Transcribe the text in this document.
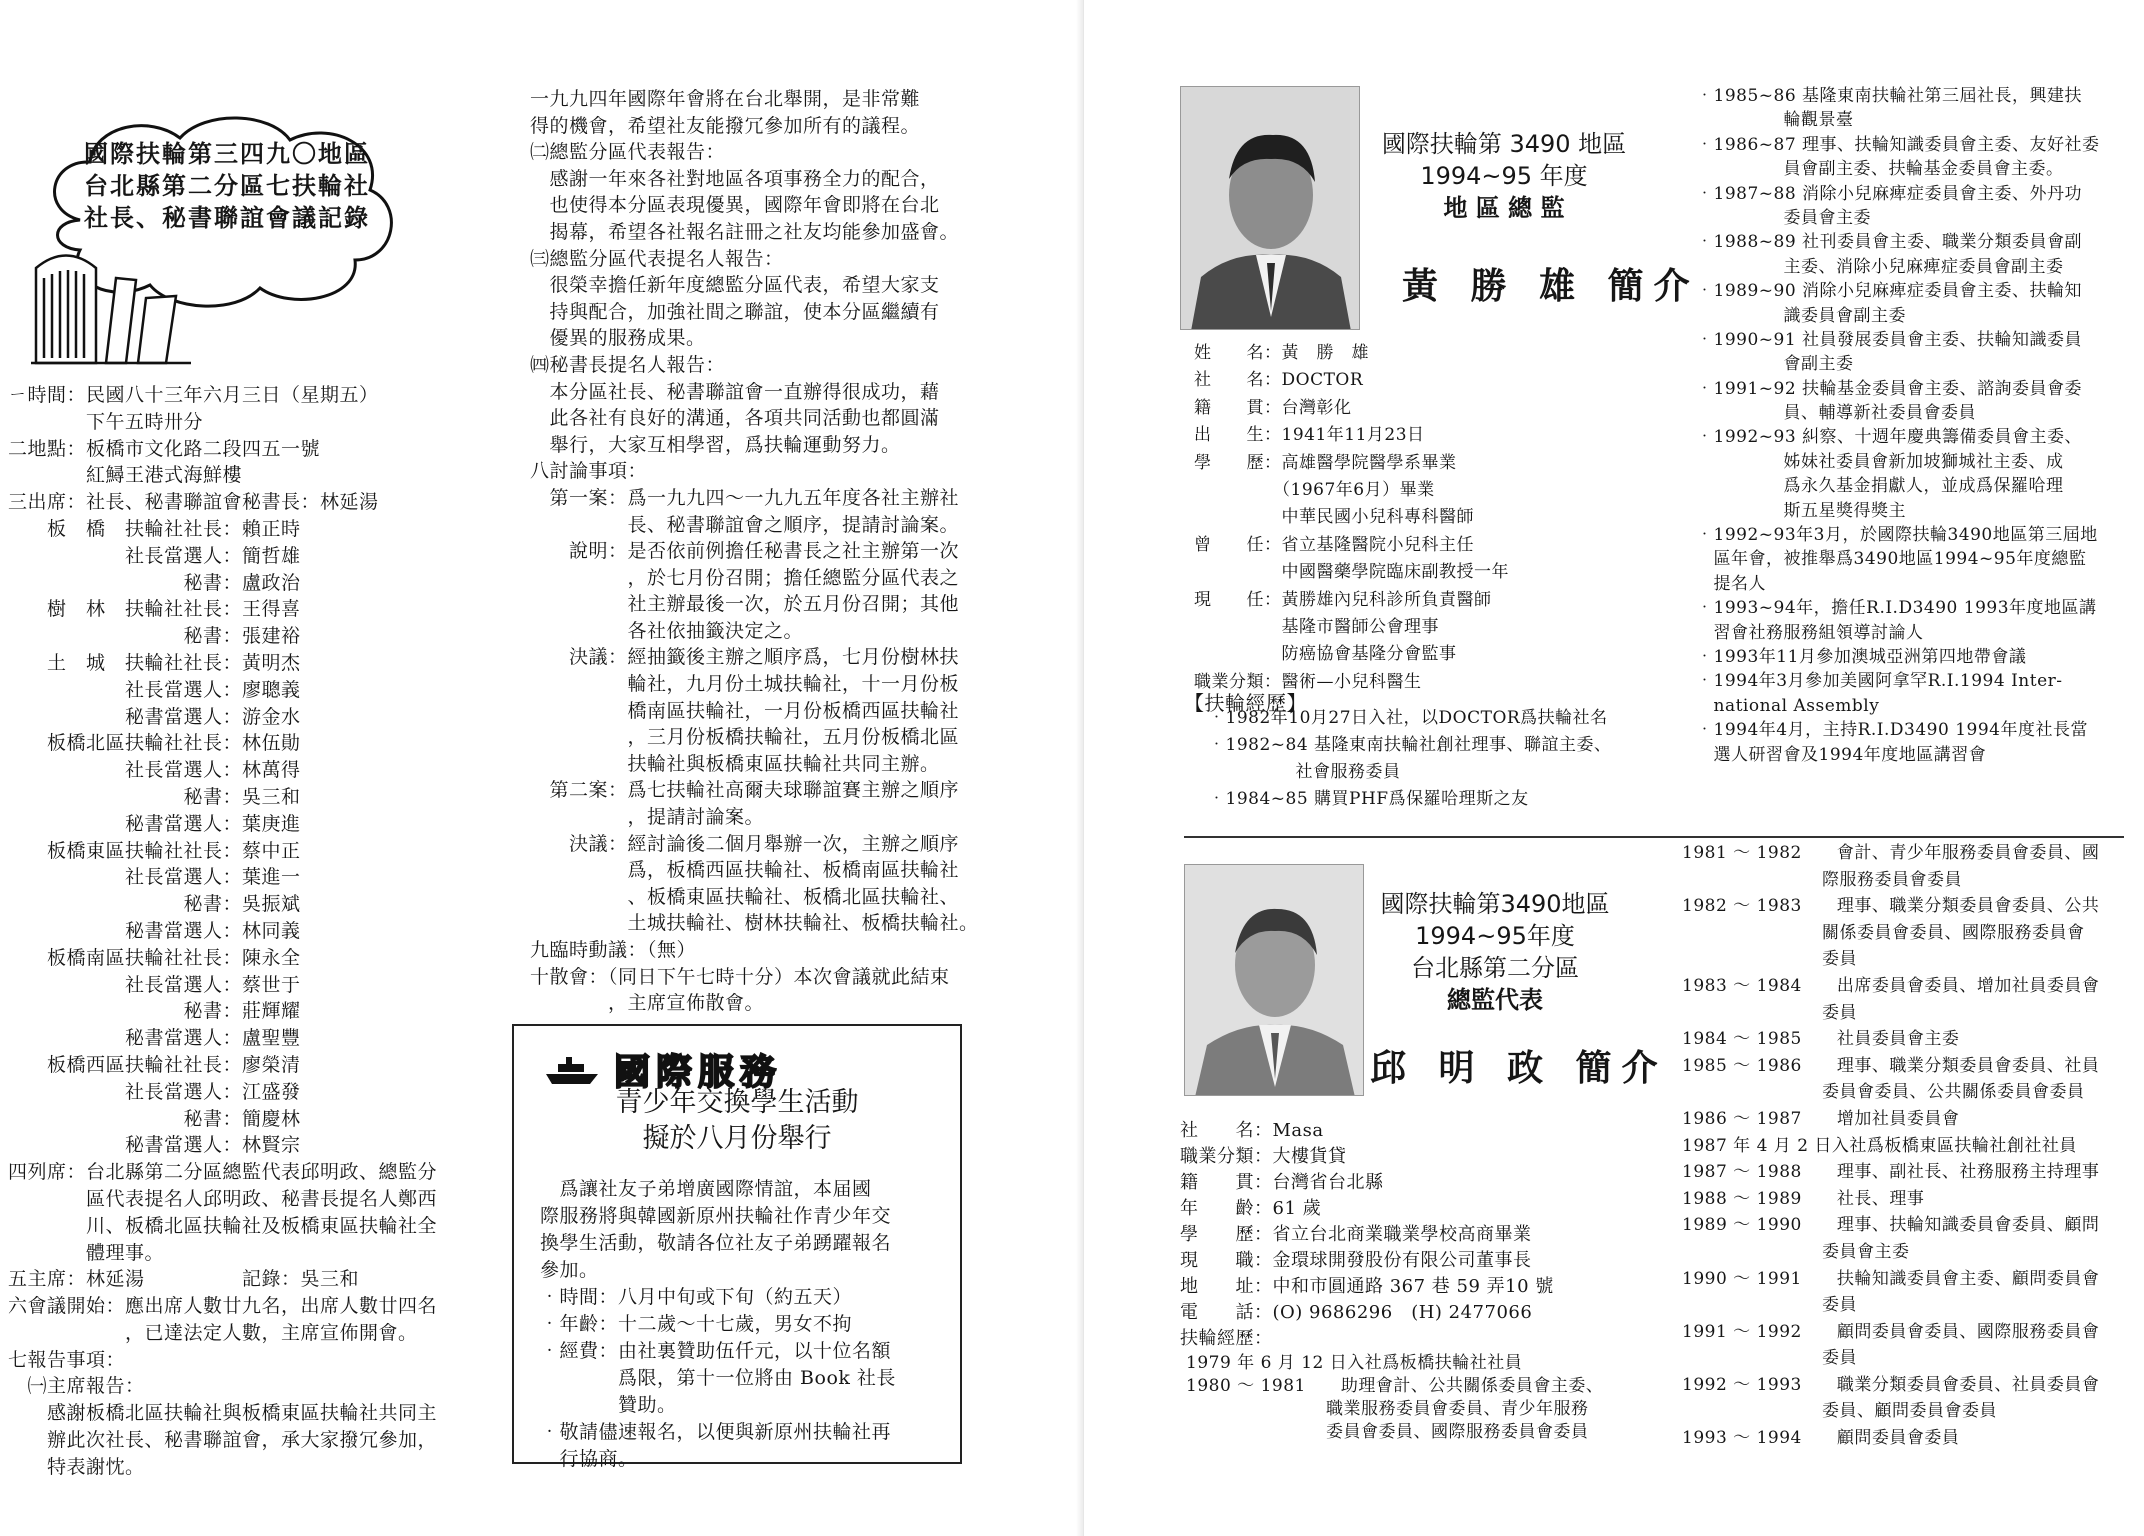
國際扶輪第三四九〇地區
台北縣第二分區七扶輪社
社長、秘書聯誼會議記錄
ㄧ時間：民國八十三年六月三日（星期五）
　　　　下午五時卅分
二地點：板橋市文化路二段四五一號
　　　　紅鱘王港式海鮮樓
三出席：社長、秘書聯誼會秘書長：林延湯
　　板　橋　扶輪社社長：賴正時
　　　　　　社長當選人：簡哲雄
　　　　　　　　　秘書：盧政治
　　樹　林　扶輪社社長：王得喜
　　　　　　　　　秘書：張建裕
　　土　城　扶輪社社長：黃明杰
　　　　　　社長當選人：廖聰義
　　　　　　秘書當選人：游金水
　　板橋北區扶輪社社長：林伍勛
　　　　　　社長當選人：林萬得
　　　　　　　　　秘書：吳三和
　　　　　　秘書當選人：葉庚進
　　板橋東區扶輪社社長：蔡中正
　　　　　　社長當選人：葉進一
　　　　　　　　　秘書：吳振斌
　　　　　　秘書當選人：林同義
　　板橋南區扶輪社社長：陳永全
　　　　　　社長當選人：蔡世于
　　　　　　　　　秘書：莊輝耀
　　　　　　秘書當選人：盧聖豐
　　板橋西區扶輪社社長：廖榮清
　　　　　　社長當選人：江盛發
　　　　　　　　　秘書：簡慶林
　　　　　　秘書當選人：林賢宗
四列席：台北縣第二分區總監代表邱明政、總監分
　　　　區代表提名人邱明政、秘書長提名人鄭西
　　　　川、板橋北區扶輪社及板橋東區扶輪社全
　　　　體理事。
五主席：林延湯　　　　　記錄：吳三和
六會議開始：應出席人數廿九名，出席人數廿四名
　　　　　　，已達法定人數，主席宣佈開會。
七報告事項：
　㈠主席報告：
　　感謝板橋北區扶輪社與板橋東區扶輪社共同主
　　辦此次社長、秘書聯誼會，承大家撥冗參加，
　　特表謝忱。
一九九四年國際年會將在台北舉開，是非常難
得的機會，希望社友能撥冗參加所有的議程。
㈡總監分區代表報告：
　感謝一年來各社對地區各項事務全力的配合，
　也使得本分區表現優異，國際年會即將在台北
　揭幕，希望各社報名註冊之社友均能參加盛會。
㈢總監分區代表提名人報告：
　很榮幸擔任新年度總監分區代表，希望大家支
　持與配合，加強社間之聯誼，使本分區繼續有
　優異的服務成果。
㈣秘書長提名人報告：
　本分區社長、秘書聯誼會一直辦得很成功，藉
　此各社有良好的溝通，各項共同活動也都圓滿
　舉行，大家互相學習，爲扶輪運動努力。
八討論事項：
　第一案：爲一九九四〜一九九五年度各社主辦社
　　　　　長、秘書聯誼會之順序，提請討論案。
　　說明：是否依前例擔任秘書長之社主辦第一次
　　　　　，於七月份召開；擔任總監分區代表之
　　　　　社主辦最後一次，於五月份召開；其他
　　　　　各社依抽籤決定之。
　　決議：經抽籤後主辦之順序爲，七月份樹林扶
　　　　　輪社，九月份土城扶輪社，十一月份板
　　　　　橋南區扶輪社，一月份板橋西區扶輪社
　　　　　，三月份板橋扶輪社，五月份板橋北區
　　　　　扶輪社與板橋東區扶輪社共同主辦。
　第二案：爲七扶輪社高爾夫球聯誼賽主辦之順序
　　　　　，提請討論案。
　　決議：經討論後二個月舉辦一次，主辦之順序
　　　　　爲，板橋西區扶輪社、板橋南區扶輪社
　　　　　、板橋東區扶輪社、板橋北區扶輪社、
　　　　　土城扶輪社、樹林扶輪社、板橋扶輪社。
九臨時動議：（無）
十散會：（同日下午七時十分）本次會議就此結束
　　　　，主席宣佈散會。
國際服務
青少年交換學生活動
擬於八月份舉行
　爲讓社友子弟增廣國際情誼，本届國
際服務將與韓國新原州扶輪社作青少年交
換學生活動，敬請各位社友子弟踴躍報名
參加。
‧時間：八月中旬或下旬（約五天）
‧年齡：十二歲〜十七歲，男女不拘
‧經費：由社裏贊助伍仟元，以十位名額
　　　　爲限，第十一位將由 Book 社長
　　　　贊助。
‧敬請儘速報名，以便與新原州扶輪社再
　行協商。
國際扶輪第 3490 地區
1994~95 年度
地 區 總 監
黃 勝 雄 簡介
姓　　名：黃　勝　雄
社　　名：DOCTOR
籍　　貫：台灣彰化
出　　生：1941年11月23日
學　　歷：高雄醫學院醫學系畢業
　　　　　（1967年6月）畢業
　　　　　中華民國小兒科專科醫師
曾　　任：省立基隆醫院小兒科主任
　　　　　中國醫藥學院臨床副教授一年
現　　任：黃勝雄內兒科診所負責醫師
　　　　　基隆市醫師公會理事
　　　　　防癌協會基隆分會監事
職業分類：醫術—小兒科醫生
【扶輪經歷】
‧1982年10月27日入社，以DOCTOR爲扶輪社名
‧1982~84 基隆東南扶輪社創社理事、聯誼主委、
　　　　　社會服務委員
‧1984~85 購買PHF爲保羅哈理斯之友
‧1985~86 基隆東南扶輪社第三屆社長，興建扶
　　　　　輪觀景臺
‧1986~87 理事、扶輪知識委員會主委、友好社委
　　　　　員會副主委、扶輪基金委員會主委。
‧1987~88 消除小兒麻痺症委員會主委、外丹功
　　　　　委員會主委
‧1988~89 社刊委員會主委、職業分類委員會副
　　　　　主委、消除小兒麻痺症委員會副主委
‧1989~90 消除小兒麻痺症委員會主委、扶輪知
　　　　　識委員會副主委
‧1990~91 社員發展委員會主委、扶輪知識委員
　　　　　會副主委
‧1991~92 扶輪基金委員會主委、諮詢委員會委
　　　　　員、輔導新社委員會委員
‧1992~93 糾察、十週年慶典籌備委員會主委、
　　　　　姊妹社委員會新加坡獅城社主委、成
　　　　　爲永久基金捐獻人，並成爲保羅哈理
　　　　　斯五星獎得獎主
‧1992~93年3月，於國際扶輪3490地區第三屆地
　區年會，被推舉爲3490地區1994~95年度總監
　提名人
‧1993~94年，擔任R.I.D3490 1993年度地區講
　習會社務服務組領導討論人
‧1993年11月參加澳城亞洲第四地帶會議
‧1994年3月參加美國阿拿罕R.I.1994 Inter-
　national Assembly
‧1994年4月，主持R.I.D3490 1994年度社長當
　選人研習會及1994年度地區講習會
國際扶輪第3490地區
1994~95年度
台北縣第二分區
總監代表
邱 明 政 簡介
社　　名：Masa
職業分類：大樓貨貸
籍　　貫：台灣省台北縣
年　　齡：61 歲
學　　歷：省立台北商業職業學校高商畢業
現　　職：金環球開發股份有限公司董事長
地　　址：中和市圓通路 367 巷 59 弄10 號
電　　話：(O) 9686296　(H) 2477066
扶輪經歷：
1979 年 6 月 12 日入社爲板橋扶輪社社員
1980 〜 1981　　助理會計、公共關係委員會主委、
　　　　　　　　職業服務委員會委員、青少年服務
　　　　　　　　委員會委員、國際服務委員會委員
1981 〜 1982　　會計、青少年服務委員會委員、國
　　　　　　　　際服務委員會委員
1982 〜 1983　　理事、職業分類委員會委員、公共
　　　　　　　　關係委員會委員、國際服務委員會
　　　　　　　　委員
1983 〜 1984　　出席委員會委員、增加社員委員會
　　　　　　　　委員
1984 〜 1985　　社員委員會主委
1985 〜 1986　　理事、職業分類委員會委員、社員
　　　　　　　　委員會委員、公共關係委員會委員
1986 〜 1987　　增加社員委員會
1987 年 4 月 2 日入社爲板橋東區扶輪社創社社員
1987 〜 1988　　理事、副社長、社務服務主持理事
1988 〜 1989　　社長、理事
1989 〜 1990　　理事、扶輪知識委員會委員、顧問
　　　　　　　　委員會主委
1990 〜 1991　　扶輪知識委員會主委、顧問委員會
　　　　　　　　委員
1991 〜 1992　　顧問委員會委員、國際服務委員會
　　　　　　　　委員
1992 〜 1993　　職業分類委員會委員、社員委員會
　　　　　　　　委員、顧問委員會委員
1993 〜 1994　　顧問委員會委員
